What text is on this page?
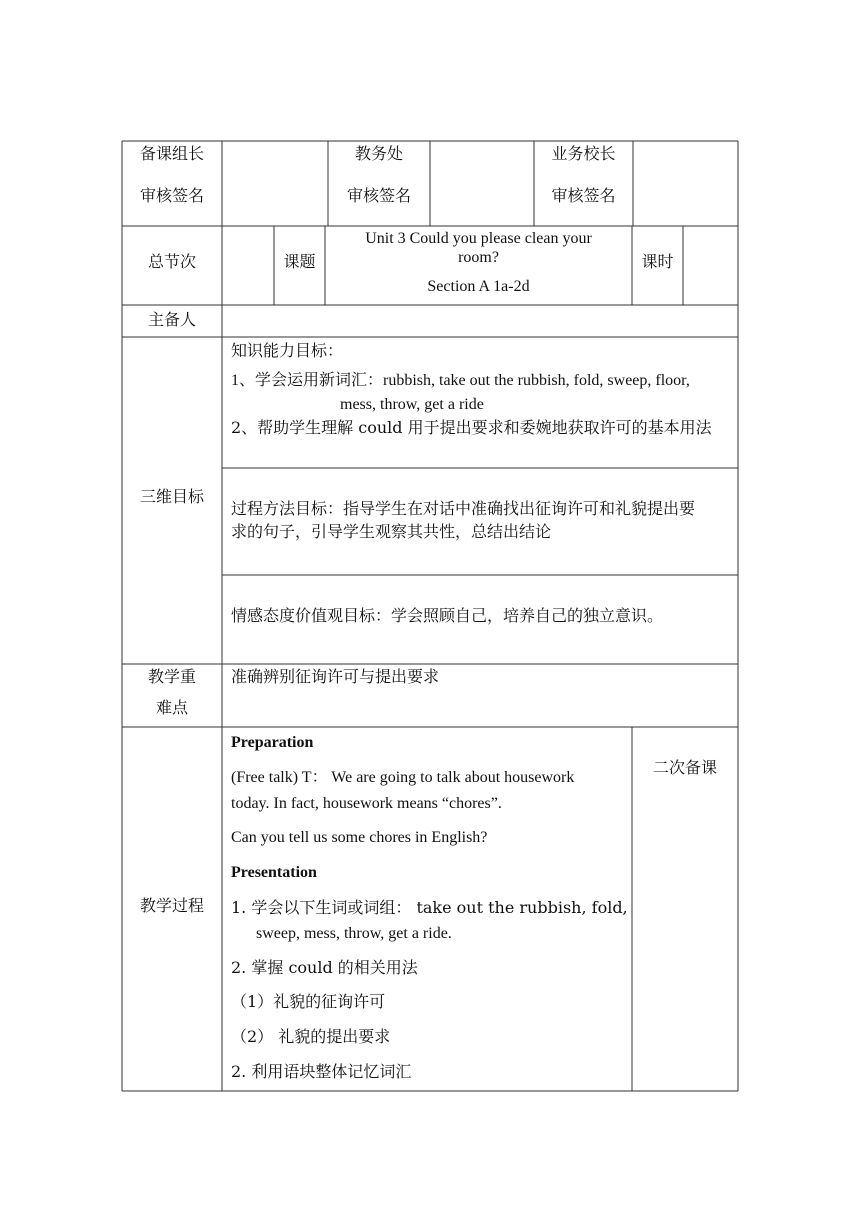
备课组长
审核签名
教务处
审核签名
业务校长
审核签名
总节次	课题
Unit 3 Could you please clean your
room?
Section A 1a-2d
课时
主备人
三维目标
知识能力目标：
1、学会运用新词汇：rubbish, take out the rubbish, fold, sweep, floor,
mess, throw, get a ride
2、帮助学生理解 could 用于提出要求和委婉地获取许可的基本用法
过程方法目标：指导学生在对话中准确找出征询许可和礼貌提出要
求的句子，引导学生观察其共性，总结出结论
情感态度价值观目标：学会照顾自己，培养自己的独立意识。
教学重
难点
准确辨别征询许可与提出要求
教学过程
二次备课
Preparation
(Free talk) T： We are going to talk about housework
today. In fact, housework means “chores”.
Can you tell us some chores in English?
Presentation
1. 学会以下生词或词组： take out the rubbish, fold,
sweep, mess, throw, get a ride.
2. 掌握 could 的相关用法
（1）礼貌的征询许可
（2） 礼貌的提出要求
2. 利用语块整体记忆词汇
